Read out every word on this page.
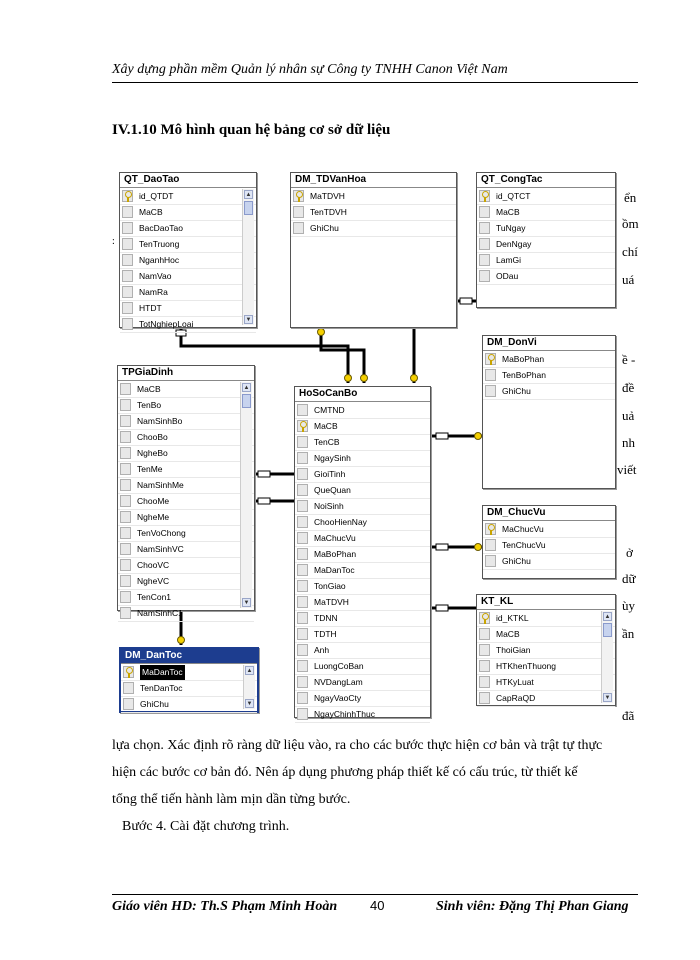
Xây dựng phần mềm Quản lý nhân sự Công ty TNHH Canon Việt Nam
IV.1.10 Mô hình quan hệ bảng cơ sở dữ liệu
ển
ồm
chí
uá
ề -
đề
uả
nh
viết
ở
dữ
ùy
ần
đã
:
QT_DaoTao
id_QTDT
MaCB
BacDaoTao
TenTruong
NganhHoc
NamVao
NamRa
HTDT
TotNghiepLoai
▲
▼
DM_TDVanHoa
MaTDVH
TenTDVH
GhiChu
QT_CongTac
id_QTCT
MaCB
TuNgay
DenNgay
LamGi
ODau
DM_DonVi
MaBoPhan
TenBoPhan
GhiChu
TPGiaDinh
MaCB
TenBo
NamSinhBo
ChooBo
NgheBo
TenMe
NamSinhMe
ChooMe
NgheMe
TenVoChong
NamSinhVC
ChooVC
NgheVC
TenCon1
NamSinhC1
▲
▼
HoSoCanBo
CMTND
MaCB
TenCB
NgaySinh
GioiTinh
QueQuan
NoiSinh
ChooHienNay
MaChucVu
MaBoPhan
MaDanToc
TonGiao
MaTDVH
TDNN
TDTH
Anh
LuongCoBan
NVDangLam
NgayVaoCty
NgayChinhThuc
DM_ChucVu
MaChucVu
TenChucVu
GhiChu
KT_KL
id_KTKL
MaCB
ThoiGian
HTKhenThuong
HTKyLuat
CapRaQD
▲
▼
DM_DanToc
MaDanToc
TenDanToc
GhiChu
▲
▼
lựa chọn. Xác định rõ ràng dữ liệu vào, ra cho các bước thực hiện cơ bản và trật tự thực
hiện các bước cơ bản đó. Nên áp dụng phương pháp thiết kế có cấu trúc, từ thiết kế
tổng thể tiến hành làm mịn dần từng bước.
Bước 4. Cài đặt chương trình.
Giáo viên HD: Th.S Phạm Minh Hoàn	40	Sinh viên: Đặng Thị Phan Giang
